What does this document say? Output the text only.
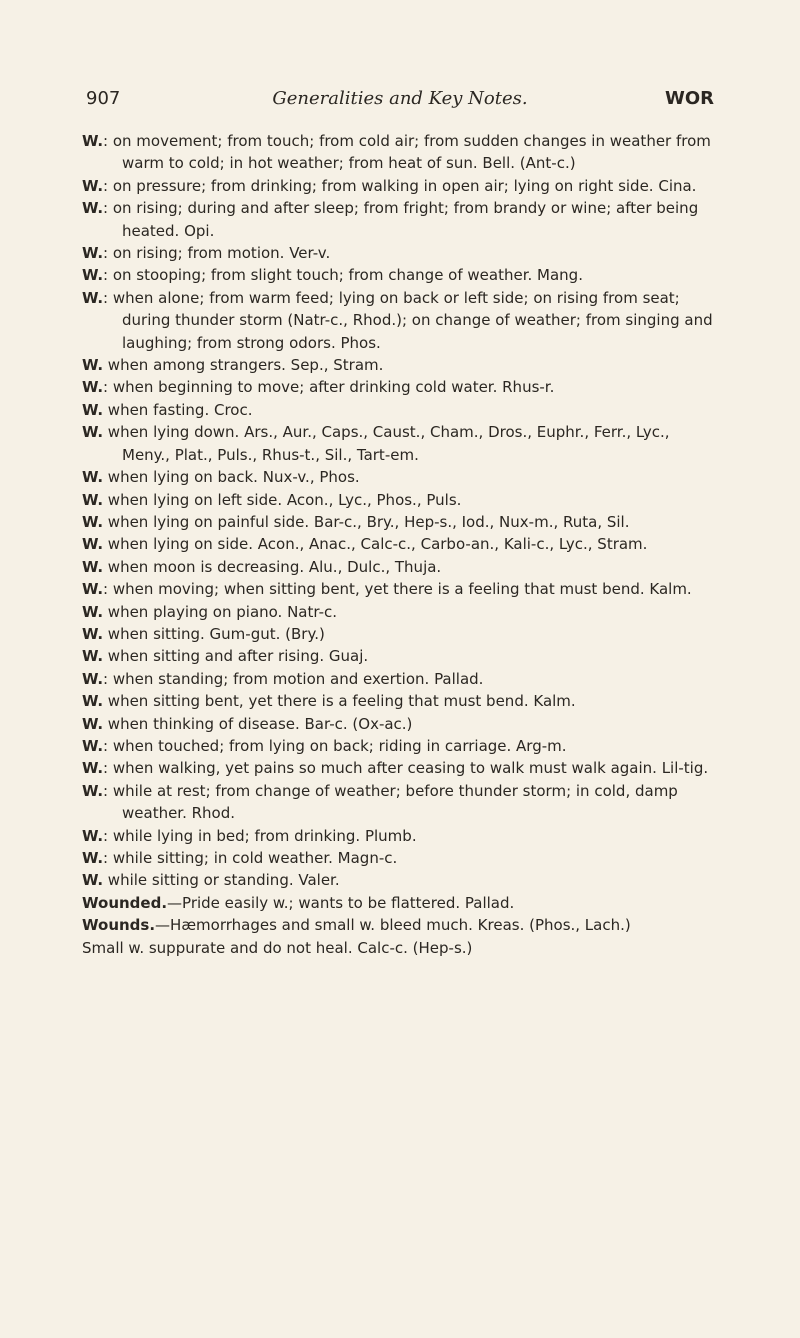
907	Generalities and Key Notes.	WOR
W.: on movement; from touch; from cold air; from sudden changes in weather from warm to cold; in hot weather; from heat of sun. Bell. (Ant-c.)
W.: on pressure; from drinking; from walking in open air; lying on right side. Cina.
W.: on rising; during and after sleep; from fright; from brandy or wine; after being heated. Opi.
W.: on rising; from motion. Ver-v.
W.: on stooping; from slight touch; from change of weather. Mang.
W.: when alone; from warm feed; lying on back or left side; on rising from seat; during thunder storm (Natr-c., Rhod.); on change of weather; from singing and laughing; from strong odors. Phos.
W. when among strangers. Sep., Stram.
W.: when beginning to move; after drinking cold water. Rhus-r.
W. when fasting. Croc.
W. when lying down. Ars., Aur., Caps., Caust., Cham., Dros., Euphr., Ferr., Lyc., Meny., Plat., Puls., Rhus-t., Sil., Tart-em.
W. when lying on back. Nux-v., Phos.
W. when lying on left side. Acon., Lyc., Phos., Puls.
W. when lying on painful side. Bar-c., Bry., Hep-s., Iod., Nux-m., Ruta, Sil.
W. when lying on side. Acon., Anac., Calc-c., Carbo-an., Kali-c., Lyc., Stram.
W. when moon is decreasing. Alu., Dulc., Thuja.
W.: when moving; when sitting bent, yet there is a feeling that must bend. Kalm.
W. when playing on piano. Natr-c.
W. when sitting. Gum-gut. (Bry.)
W. when sitting and after rising. Guaj.
W.: when standing; from motion and exertion. Pallad.
W. when sitting bent, yet there is a feeling that must bend. Kalm.
W. when thinking of disease. Bar-c. (Ox-ac.)
W.: when touched; from lying on back; riding in carriage. Arg-m.
W.: when walking, yet pains so much after ceasing to walk must walk again. Lil-tig.
W.: while at rest; from change of weather; before thunder storm; in cold, damp weather. Rhod.
W.: while lying in bed; from drinking. Plumb.
W.: while sitting; in cold weather. Magn-c.
W. while sitting or standing. Valer.
Wounded.—Pride easily w.; wants to be flattered. Pallad.
Wounds.—Hæmorrhages and small w. bleed much. Kreas. (Phos., Lach.)
Small w. suppurate and do not heal. Calc-c. (Hep-s.)
